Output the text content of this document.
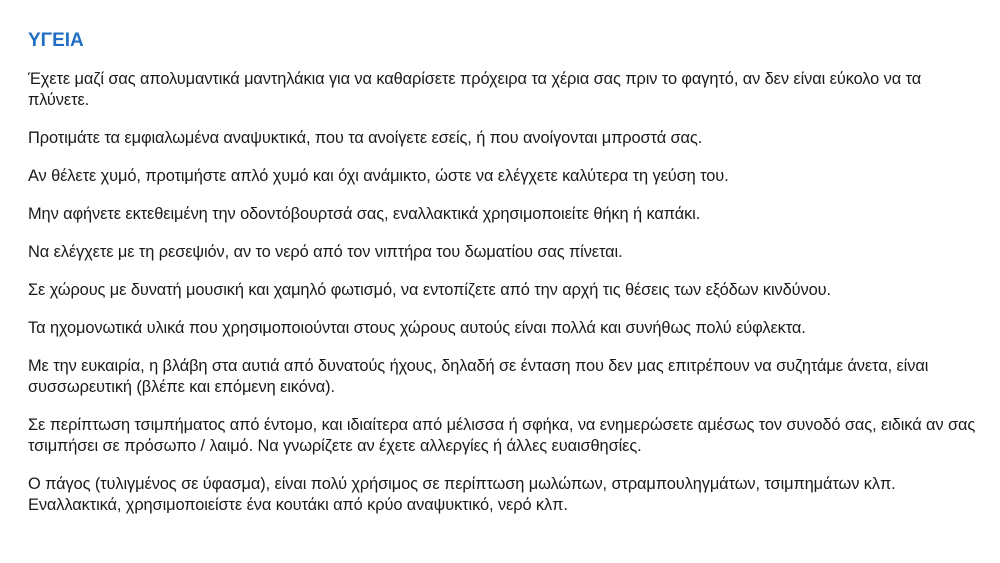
ΥΓΕΙΑ
Έχετε μαζί σας απολυμαντικά μαντηλάκια για να καθαρίσετε πρόχειρα τα χέρια σας πριν το φαγητό, αν δεν είναι εύκολο να τα πλύνετε.
Προτιμάτε τα εμφιαλωμένα αναψυκτικά, που τα ανοίγετε εσείς, ή που ανοίγονται μπροστά σας.
Αν θέλετε χυμό, προτιμήστε απλό χυμό και όχι ανάμικτο, ώστε να ελέγχετε καλύτερα τη γεύση του.
Μην αφήνετε εκτεθειμένη την οδοντόβουρτσά σας, εναλλακτικά χρησιμοποιείτε θήκη ή καπάκι.
Να ελέγχετε με τη ρεσεψιόν, αν το νερό από τον νιπτήρα του δωματίου σας πίνεται.
Σε χώρους με δυνατή μουσική και χαμηλό φωτισμό, να εντοπίζετε από την αρχή τις θέσεις των εξόδων κινδύνου.
Τα ηχομονωτικά υλικά που χρησιμοποιούνται στους χώρους αυτούς είναι πολλά και συνήθως πολύ εύφλεκτα.
Με την ευκαιρία, η βλάβη στα αυτιά από δυνατούς ήχους, δηλαδή σε ένταση που δεν μας επιτρέπουν να συζητάμε άνετα, είναι συσσωρευτική (βλέπε και επόμενη εικόνα).
Σε περίπτωση τσιμπήματος από έντομο, και ιδιαίτερα από μέλισσα ή σφήκα, να ενημερώσετε αμέσως τον συνοδό σας, ειδικά αν σας τσιμπήσει σε πρόσωπο / λαιμό. Να γνωρίζετε αν έχετε αλλεργίες ή άλλες ευαισθησίες.
Ο πάγος (τυλιγμένος σε ύφασμα), είναι πολύ χρήσιμος σε περίπτωση μωλώπων, στραμπουληγμάτων, τσιμπημάτων κλπ. Εναλλακτικά, χρησιμοποιείστε ένα κουτάκι από κρύο αναψυκτικό, νερό κλπ.
